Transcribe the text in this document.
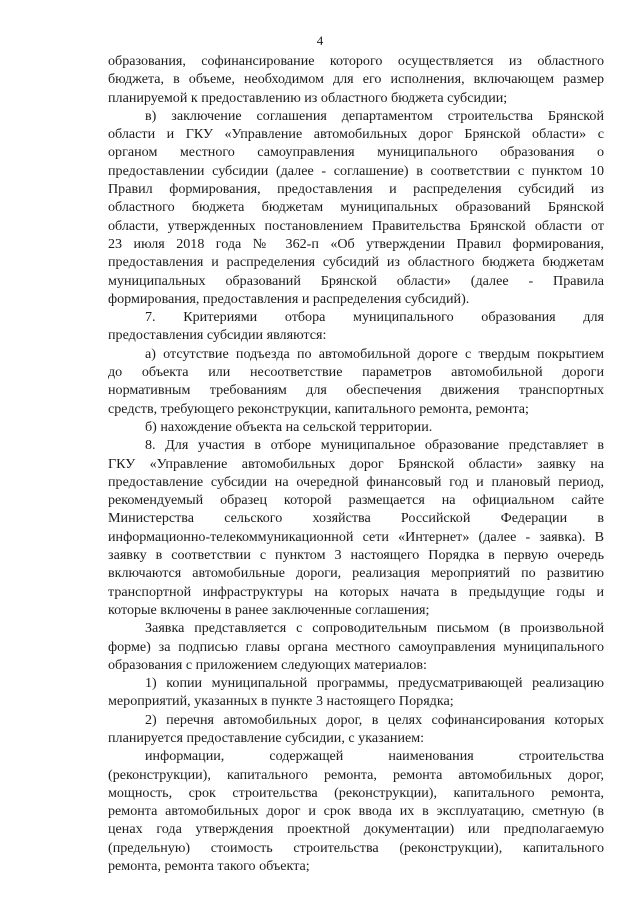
4

образования, софинансирование которого осуществляется из областного
бюджета, в объеме, необходимом для его исполнения, включающем размер
планируемой к предоставлению из областного бюджета субсидии;

в) заключение соглашения департаментом строительства Брянской
области и ГКУ «Управление автомобильных дорог Брянской области» с
органом местного самоуправления муниципального образования о
предоставлении субсидии (далее - соглашение) в соответствии с пунктом 10
Правил формирования, предоставления и распределения субсидий из
областного бюджета бюджетам муниципальных образований Брянской
области, утвержденных постановлением Правительства Брянской области от
23 июля 2018 года № 362-п «Об утверждении Правил формирования,
предоставления и распределения субсидий из областного бюджета бюджетам
муниципальных образований Брянской области» (далее - Правила
формирования, предоставления и распределения субсидий).

7. Критериями отбора муниципального образования для
предоставления субсидии являются:

а) отсутствие подъезда по автомобильной дороге с твердым покрытием
до объекта или несоответствие параметров автомобильной дороги
нормативным требованиям для обеспечения движения транспортных
средств, требующего реконструкции, капитального ремонта, ремонта;

б) нахождение объекта на сельской территории.

8. Для участия в отборе муниципальное образование представляет в
ГКУ «Управление автомобильных дорог Брянской области» заявку на
предоставление субсидии на очередной финансовый год и плановый период,
рекомендуемый образец которой размещается на официальном сайте
Министерства сельского хозяйства Российской Федерации в
информационно-телекоммуникационной сети «Интернет» (далее - заявка). В
заявку в соответствии с пунктом 3 настоящего Порядка в первую очередь
включаются автомобильные дороги, реализация мероприятий по развитию
транспортной инфраструктуры на которых начата в предыдущие годы и
которые включены в ранее заключенные соглашения;

Заявка представляется с сопроводительным письмом (в произвольной
форме) за подписью главы органа местного самоуправления муниципального
образования с приложением следующих материалов:

1) копии муниципальной программы, предусматривающей реализацию
мероприятий, указанных в пункте 3 настоящего Порядка;

2) перечня автомобильных дорог, в целях софинансирования которых
планируется предоставление субсидии, с указанием:

информации, содержащей наименования строительства
(реконструкции), капитального ремонта, ремонта автомобильных дорог,
мощность, срок строительства (реконструкции), капитального ремонта,
ремонта автомобильных дорог и срок ввода их в эксплуатацию, сметную (в
ценах года утверждения проектной документации) или предполагаемую
(предельную) стоимость строительства (реконструкции), капитального
ремонта, ремонта такого объекта;
